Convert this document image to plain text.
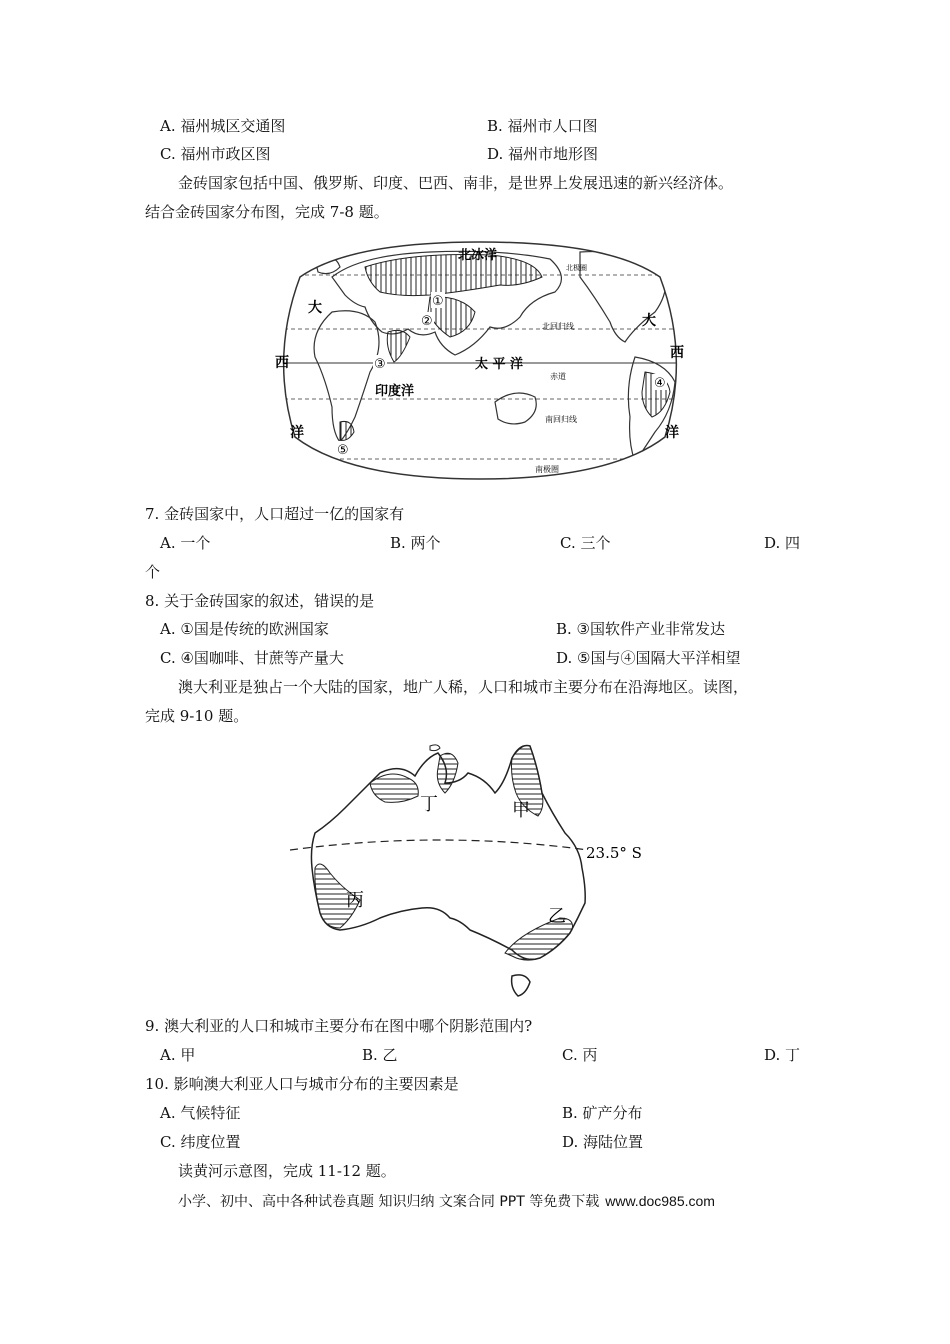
A. 福州城区交通图	B. 福州市人口图
C. 福州市政区图	D. 福州市地形图
金砖国家包括中国、俄罗斯、印度、巴西、南非，是世界上发展迅速的新兴经济体。
结合金砖国家分布图，完成 7-8 题。
北冰洋
太 平 洋
印度洋
大
西
洋
大
西
洋
北回归线
赤道
南回归线
南极圈
北极圈
①
②
③
④
⑤
7. 金砖国家中，人口超过一亿的国家有
A. 一个	B. 两个	C. 三个	D. 四
个
8. 关于金砖国家的叙述，错误的是
A. ①国是传统的欧洲国家	B. ③国软件产业非常发达
C. ④国咖啡、甘蔗等产量大	D. ⑤国与④国隔大平洋相望
澳大利亚是独占一个大陆的国家，地广人稀，人口和城市主要分布在沿海地区。读图，
完成 9-10 题。
甲
乙
丙
丁
23.5° S
9. 澳大利亚的人口和城市主要分布在图中哪个阴影范围内?
A. 甲	B. 乙	C. 丙	D. 丁
10. 影响澳大利亚人口与城市分布的主要因素是
A. 气候特征	B. 矿产分布
C. 纬度位置	D. 海陆位置
读黄河示意图，完成 11-12 题。
小学、初中、高中各种试卷真题 知识归纳 文案合同 PPT 等免费下载 www.doc985.com
